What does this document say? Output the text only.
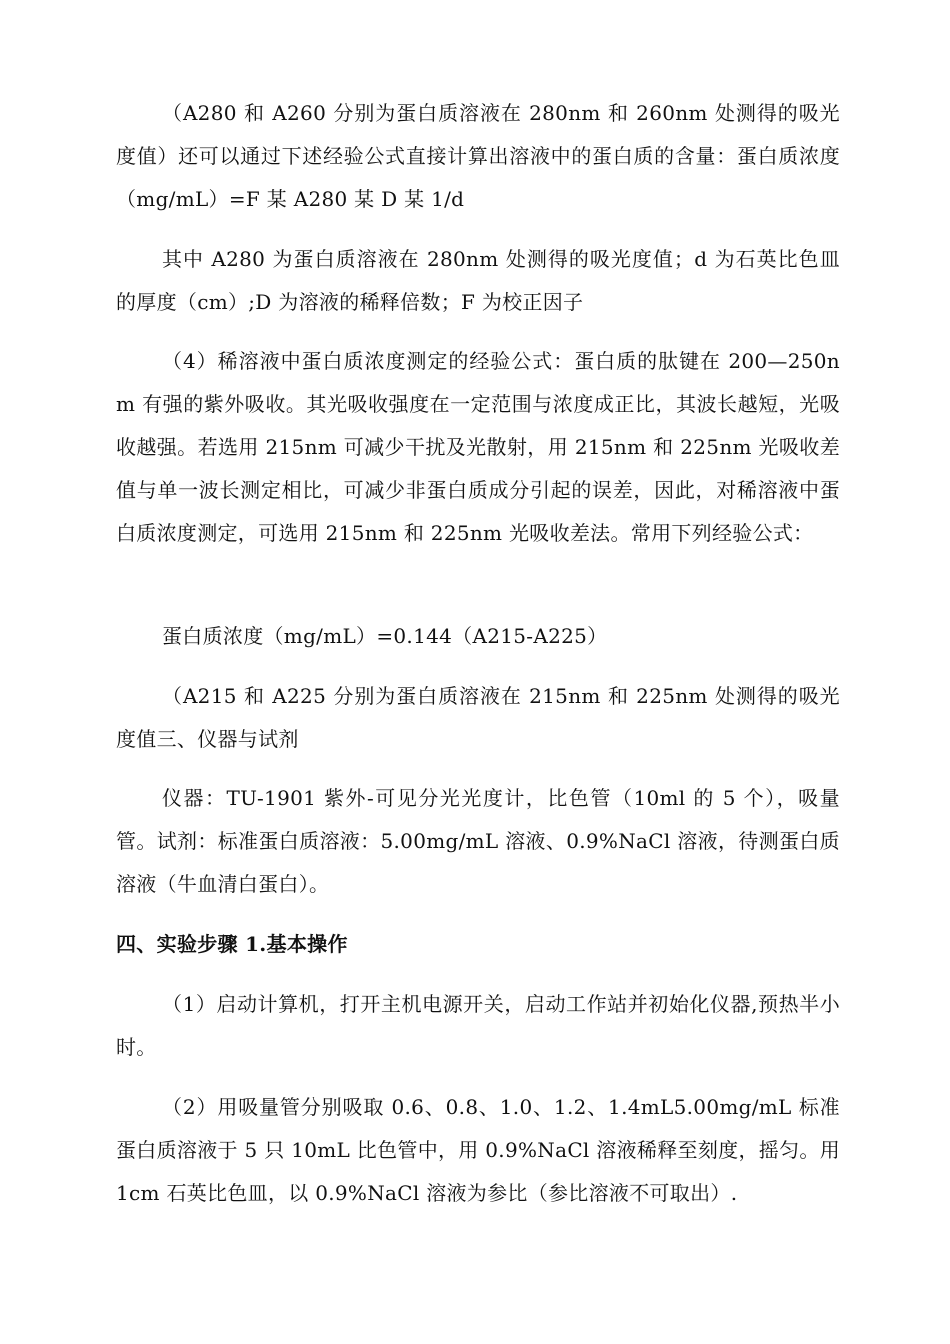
（A280 和 A260 分别为蛋白质溶液在 280nm 和 260nm 处测得的吸光度值）还可以通过下述经验公式直接计算出溶液中的蛋白质的含量：蛋白质浓度（mg/mL）=F 某 A280 某 D 某 1/d

其中 A280 为蛋白质溶液在 280nm 处测得的吸光度值；d 为石英比色皿的厚度（cm）;D 为溶液的稀释倍数；F 为校正因子

（4）稀溶液中蛋白质浓度测定的经验公式：蛋白质的肽键在 200—250nm 有强的紫外吸收。其光吸收强度在一定范围与浓度成正比，其波长越短，光吸收越强。若选用 215nm 可减少干扰及光散射，用 215nm 和 225nm 光吸收差值与单一波长测定相比，可减少非蛋白质成分引起的误差，因此，对稀溶液中蛋白质浓度测定，可选用 215nm 和 225nm 光吸收差法。常用下列经验公式：

蛋白质浓度（mg/mL）=0.144（A215-A225）

（A215 和 A225 分别为蛋白质溶液在 215nm 和 225nm 处测得的吸光度值三、仪器与试剂

仪器：TU-1901 紫外-可见分光光度计，比色管（10ml 的 5 个），吸量管。试剂：标准蛋白质溶液：5.00mg/mL 溶液、0.9%NaCl 溶液，待测蛋白质溶液（牛血清白蛋白）。

四、实验步骤 1.基本操作

（1）启动计算机，打开主机电源开关，启动工作站并初始化仪器,预热半小时。

（2）用吸量管分别吸取 0.6、0.8、1.0、1.2、1.4mL5.00mg/mL 标准蛋白质溶液于 5 只 10mL 比色管中，用 0.9%NaCl 溶液稀释至刻度，摇匀。用 1cm 石英比色皿，以 0.9%NaCl 溶液为参比（参比溶液不可取出）.
